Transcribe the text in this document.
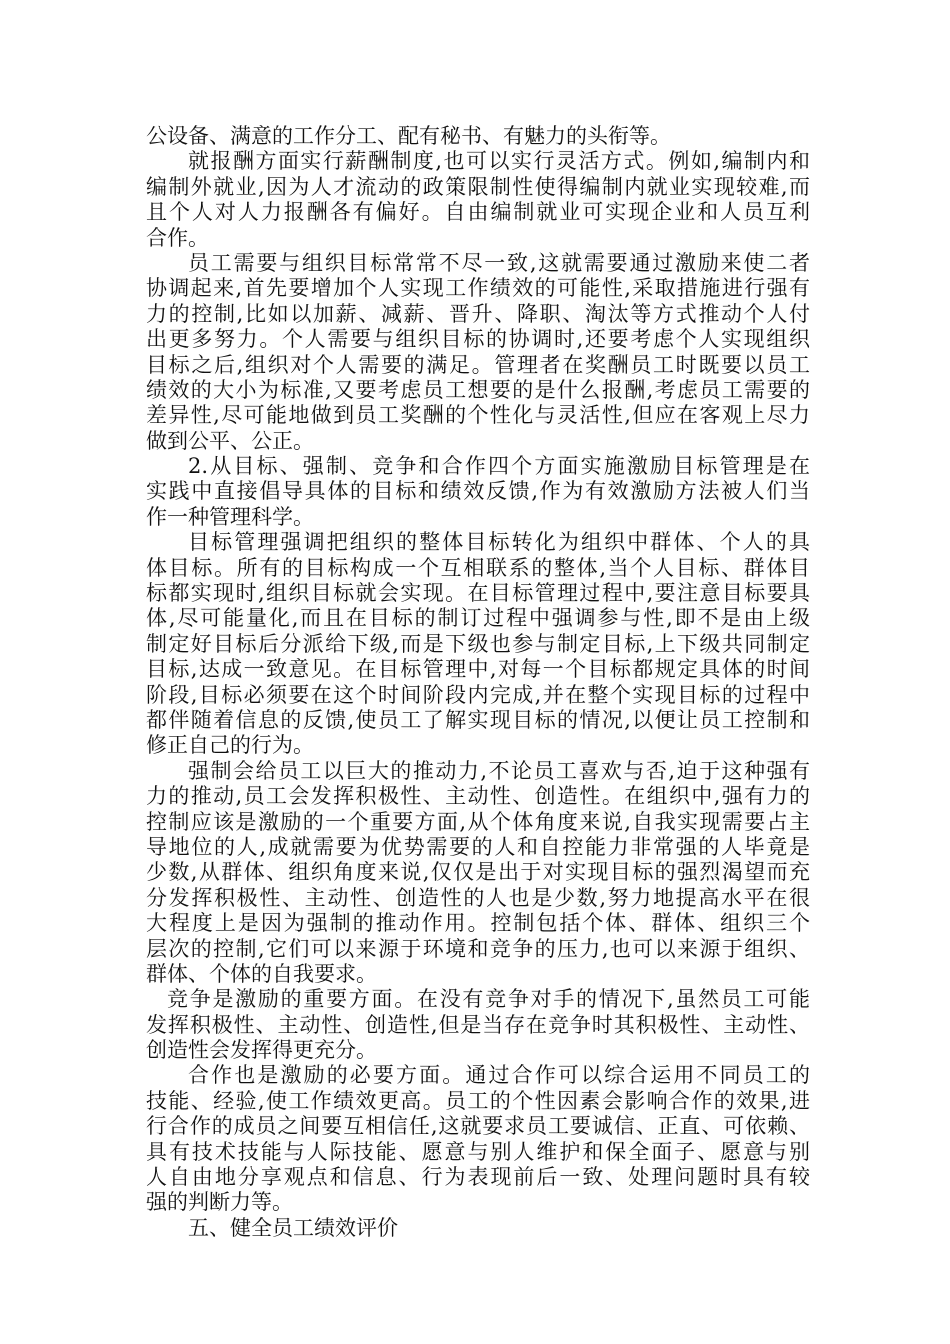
公设备、满意的工作分工、配有秘书、有魅力的头衔等。
就报酬方面实行薪酬制度,也可以实行灵活方式。例如,编制内和
编制外就业,因为人才流动的政策限制性使得编制内就业实现较难,而
且个人对人力报酬各有偏好。自由编制就业可实现企业和人员互利
合作。
员工需要与组织目标常常不尽一致,这就需要通过激励来使二者
协调起来,首先要增加个人实现工作绩效的可能性,采取措施进行强有
力的控制,比如以加薪、减薪、晋升、降职、淘汰等方式推动个人付
出更多努力。个人需要与组织目标的协调时,还要考虑个人实现组织
目标之后,组织对个人需要的满足。管理者在奖酬员工时既要以员工
绩效的大小为标准,又要考虑员工想要的是什么报酬,考虑员工需要的
差异性,尽可能地做到员工奖酬的个性化与灵活性,但应在客观上尽力
做到公平、公正。
2.从目标、强制、竞争和合作四个方面实施激励目标管理是在
实践中直接倡导具体的目标和绩效反馈,作为有效激励方法被人们当
作一种管理科学。
目标管理强调把组织的整体目标转化为组织中群体、个人的具
体目标。所有的目标构成一个互相联系的整体,当个人目标、群体目
标都实现时,组织目标就会实现。在目标管理过程中,要注意目标要具
体,尽可能量化,而且在目标的制订过程中强调参与性,即不是由上级
制定好目标后分派给下级,而是下级也参与制定目标,上下级共同制定
目标,达成一致意见。在目标管理中,对每一个目标都规定具体的时间
阶段,目标必须要在这个时间阶段内完成,并在整个实现目标的过程中
都伴随着信息的反馈,使员工了解实现目标的情况,以便让员工控制和
修正自己的行为。
强制会给员工以巨大的推动力,不论员工喜欢与否,迫于这种强有
力的推动,员工会发挥积极性、主动性、创造性。在组织中,强有力的
控制应该是激励的一个重要方面,从个体角度来说,自我实现需要占主
导地位的人,成就需要为优势需要的人和自控能力非常强的人毕竟是
少数,从群体、组织角度来说,仅仅是出于对实现目标的强烈渴望而充
分发挥积极性、主动性、创造性的人也是少数,努力地提高水平在很
大程度上是因为强制的推动作用。控制包括个体、群体、组织三个
层次的控制,它们可以来源于环境和竞争的压力,也可以来源于组织、
群体、个体的自我要求。
竞争是激励的重要方面。在没有竞争对手的情况下,虽然员工可能
发挥积极性、主动性、创造性,但是当存在竞争时其积极性、主动性、
创造性会发挥得更充分。
合作也是激励的必要方面。通过合作可以综合运用不同员工的
技能、经验,使工作绩效更高。员工的个性因素会影响合作的效果,进
行合作的成员之间要互相信任,这就要求员工要诚信、正直、可依赖、
具有技术技能与人际技能、愿意与别人维护和保全面子、愿意与别
人自由地分享观点和信息、行为表现前后一致、处理问题时具有较
强的判断力等。
五、健全员工绩效评价
